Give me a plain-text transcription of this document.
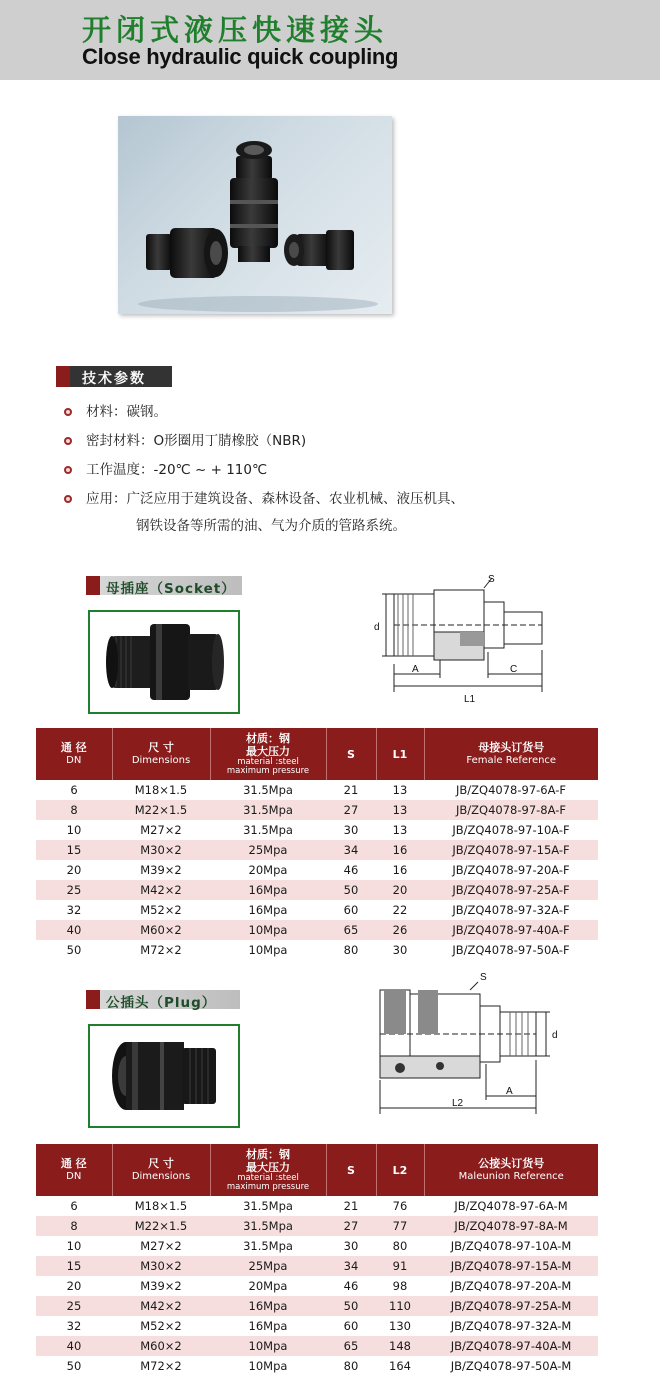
开闭式液压快速接头
Close hydraulic quick coupling
技术参数
材料：碳钢。
密封材料：O形圈用丁腈橡胶（NBR)
工作温度：-20℃ ~ + 110℃
应用：广泛应用于建筑设备、森林设备、农业机械、液压机具、
钢铁设备等所需的油、气为介质的管路系统。
母插座（Socket）
S
d
A	C
L1
通 径
DN	尺 寸
Dimensions	材质：钢
最大压力
material :steel
maximum pressure	S	L1	母接头订货号
Female Reference

6	M18×1.5	31.5Mpa	21	13	JB/ZQ4078-97-6A-F
8	M22×1.5	31.5Mpa	27	13	JB/ZQ4078-97-8A-F
10	M27×2	31.5Mpa	30	13	JB/ZQ4078-97-10A-F
15	M30×2	25Mpa	34	16	JB/ZQ4078-97-15A-F
20	M39×2	20Mpa	46	16	JB/ZQ4078-97-20A-F
25	M42×2	16Mpa	50	20	JB/ZQ4078-97-25A-F
32	M52×2	16Mpa	60	22	JB/ZQ4078-97-32A-F
40	M60×2	10Mpa	65	26	JB/ZQ4078-97-40A-F
50	M72×2	10Mpa	80	30	JB/ZQ4078-97-50A-F
公插头（Plug）
S
d
A
L2
通 径
DN	尺 寸
Dimensions	材质：钢
最大压力
material :steel
maximum pressure	S	L2	公接头订货号
Maleunion Reference

6	M18×1.5	31.5Mpa	21	76	JB/ZQ4078-97-6A-M
8	M22×1.5	31.5Mpa	27	77	JB/ZQ4078-97-8A-M
10	M27×2	31.5Mpa	30	80	JB/ZQ4078-97-10A-M
15	M30×2	25Mpa	34	91	JB/ZQ4078-97-15A-M
20	M39×2	20Mpa	46	98	JB/ZQ4078-97-20A-M
25	M42×2	16Mpa	50	110	JB/ZQ4078-97-25A-M
32	M52×2	16Mpa	60	130	JB/ZQ4078-97-32A-M
40	M60×2	10Mpa	65	148	JB/ZQ4078-97-40A-M
50	M72×2	10Mpa	80	164	JB/ZQ4078-97-50A-M
